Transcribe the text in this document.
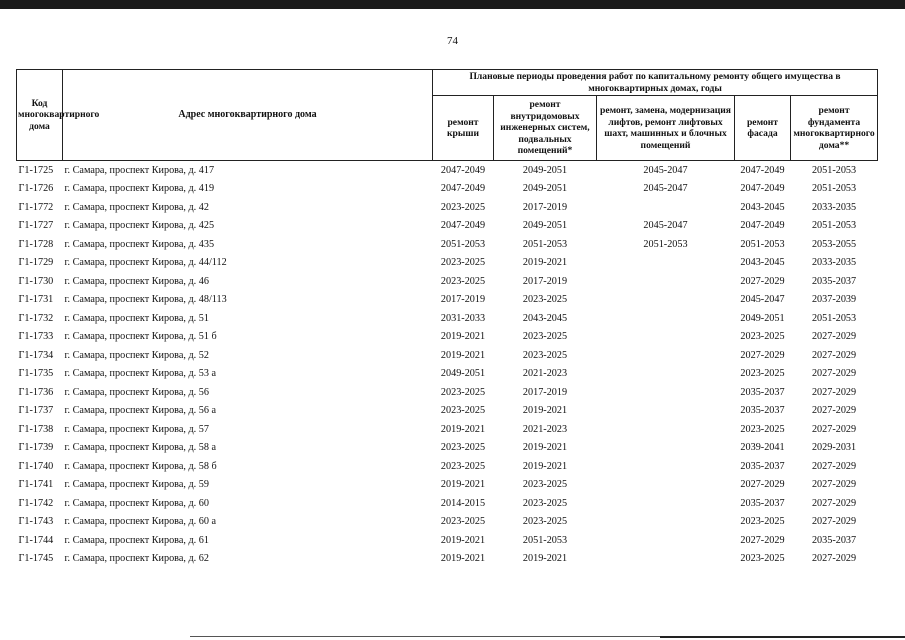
74
Код многоквартирного дома	Адрес многоквартирного дома	Плановые периоды проведения работ по капитальному ремонту общего имущества в многоквартирных домах, годы				
		ремонт крыши	ремонт внутридомовых инженерных систем, подвальных помещений*	ремонт, замена, модернизация лифтов, ремонт лифтовых шахт, машинных и блочных помещений	ремонт фасада	ремонт фундамента многоквартирного дома**
Г1-1725	г. Самара, проспект Кирова, д. 417	2047-2049	2049-2051	2045-2047	2047-2049	2051-2053
Г1-1726	г. Самара, проспект Кирова, д. 419	2047-2049	2049-2051	2045-2047	2047-2049	2051-2053
Г1-1772	г. Самара, проспект Кирова, д. 42	2023-2025	2017-2019		2043-2045	2033-2035
Г1-1727	г. Самара, проспект Кирова, д. 425	2047-2049	2049-2051	2045-2047	2047-2049	2051-2053
Г1-1728	г. Самара, проспект Кирова, д. 435	2051-2053	2051-2053	2051-2053	2051-2053	2053-2055
Г1-1729	г. Самара, проспект Кирова, д. 44/112	2023-2025	2019-2021		2043-2045	2033-2035
Г1-1730	г. Самара, проспект Кирова, д. 46	2023-2025	2017-2019		2027-2029	2035-2037
Г1-1731	г. Самара, проспект Кирова, д. 48/113	2017-2019	2023-2025		2045-2047	2037-2039
Г1-1732	г. Самара, проспект Кирова, д. 51	2031-2033	2043-2045		2049-2051	2051-2053
Г1-1733	г. Самара, проспект Кирова, д. 51 б	2019-2021	2023-2025		2023-2025	2027-2029
Г1-1734	г. Самара, проспект Кирова, д. 52	2019-2021	2023-2025		2027-2029	2027-2029
Г1-1735	г. Самара, проспект Кирова, д. 53 а	2049-2051	2021-2023		2023-2025	2027-2029
Г1-1736	г. Самара, проспект Кирова, д. 56	2023-2025	2017-2019		2035-2037	2027-2029
Г1-1737	г. Самара, проспект Кирова, д. 56 а	2023-2025	2019-2021		2035-2037	2027-2029
Г1-1738	г. Самара, проспект Кирова, д. 57	2019-2021	2021-2023		2023-2025	2027-2029
Г1-1739	г. Самара, проспект Кирова, д. 58 а	2023-2025	2019-2021		2039-2041	2029-2031
Г1-1740	г. Самара, проспект Кирова, д. 58 б	2023-2025	2019-2021		2035-2037	2027-2029
Г1-1741	г. Самара, проспект Кирова, д. 59	2019-2021	2023-2025		2027-2029	2027-2029
Г1-1742	г. Самара, проспект Кирова, д. 60	2014-2015	2023-2025		2035-2037	2027-2029
Г1-1743	г. Самара, проспект Кирова, д. 60 а	2023-2025	2023-2025		2023-2025	2027-2029
Г1-1744	г. Самара, проспект Кирова, д. 61	2019-2021	2051-2053		2027-2029	2035-2037
Г1-1745	г. Самара, проспект Кирова, д. 62	2019-2021	2019-2021		2023-2025	2027-2029
